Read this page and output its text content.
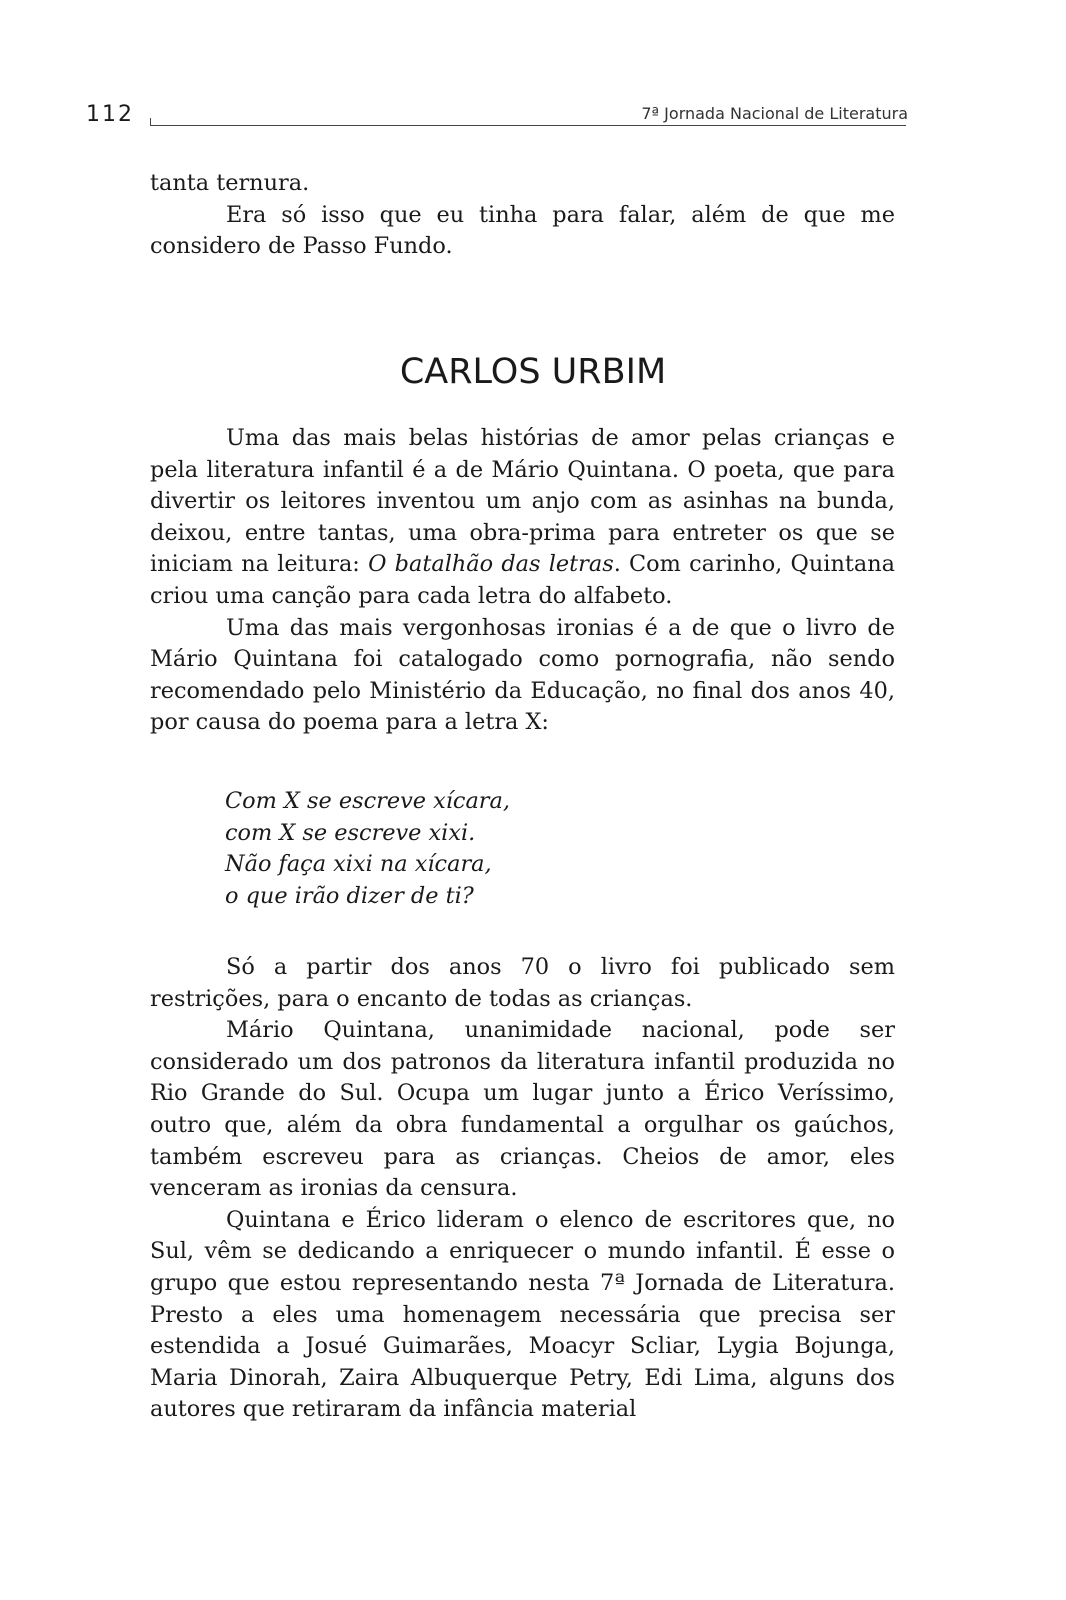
112	7ª Jornada Nacional de Literatura

tanta ternura.

Era só isso que eu tinha para falar, além de que me considero de Passo Fundo.

CARLOS URBIM

Uma das mais belas histórias de amor pelas crianças e pela literatura infantil é a de Mário Quintana. O poeta, que para divertir os leitores inventou um anjo com as asinhas na bunda, deixou, entre tantas, uma obra-prima para entreter os que se iniciam na leitura: O batalhão das letras. Com carinho, Quintana criou uma canção para cada letra do alfabeto.

Uma das mais vergonhosas ironias é a de que o livro de Mário Quintana foi catalogado como pornografia, não sendo recomendado pelo Ministério da Educação, no final dos anos 40, por causa do poema para a letra X:

Com X se escreve xícara,
com X se escreve xixi.
Não faça xixi na xícara,
o que irão dizer de ti?

Só a partir dos anos 70 o livro foi publicado sem restrições, para o encanto de todas as crianças.

Mário Quintana, unanimidade nacional, pode ser considerado um dos patronos da literatura infantil produzida no Rio Grande do Sul. Ocupa um lugar junto a Érico Veríssimo, outro que, além da obra fundamental a orgulhar os gaúchos, também escreveu para as crianças. Cheios de amor, eles venceram as ironias da censura.

Quintana e Érico lideram o elenco de escritores que, no Sul, vêm se dedicando a enriquecer o mundo infantil. É esse o grupo que estou representando nesta 7ª Jornada de Literatura. Presto a eles uma homenagem necessária que precisa ser estendida a Josué Guimarães, Moacyr Scliar, Lygia Bojunga, Maria Dinorah, Zaira Albuquerque Petry, Edi Lima, alguns dos autores que retiraram da infância material
